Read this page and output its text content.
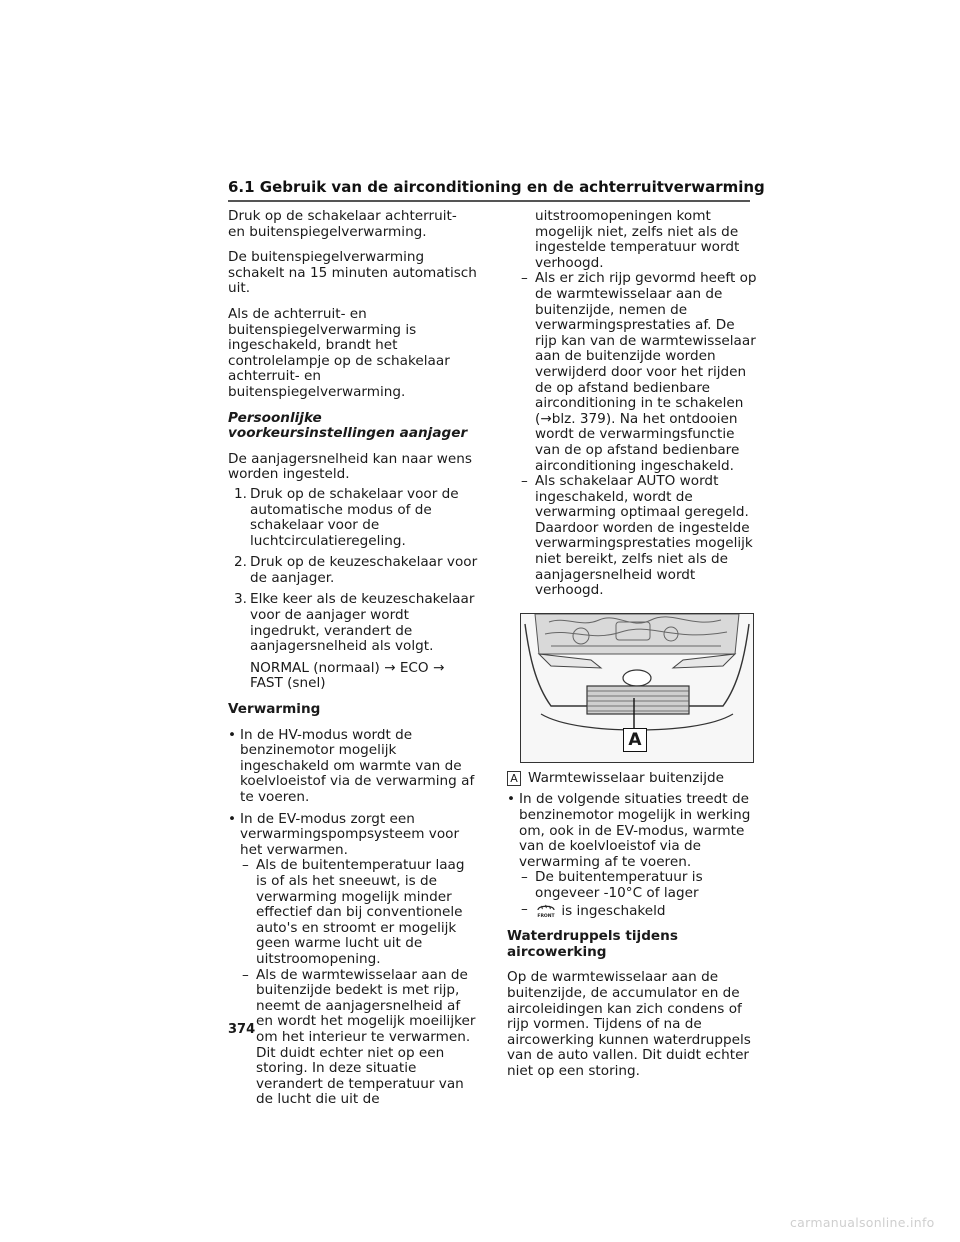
6.1 Gebruik van de airconditioning en de achterruitverwarming

Druk op de schakelaar achterruit- en buitenspiegelverwarming.

De buitenspiegelverwarming schakelt na 15 minuten automatisch uit.

Als de achterruit- en buitenspiegelverwarming is ingeschakeld, brandt het controlelampje op de schakelaar achterruit- en buitenspiegelverwarming.

Persoonlijke voorkeursinstellingen aanjager

De aanjagersnelheid kan naar wens worden ingesteld.

1. Druk op de schakelaar voor de automatische modus of de schakelaar voor de luchtcirculatieregeling.
2. Druk op de keuzeschakelaar voor de aanjager.
3. Elke keer als de keuzeschakelaar voor de aanjager wordt ingedrukt, verandert de aanjagersnelheid als volgt.
NORMAL (normaal) → ECO → FAST (snel)

Verwarming

• In de HV-modus wordt de benzinemotor mogelijk ingeschakeld om warmte van de koelvloeistof via de verwarming af te voeren.
• In de EV-modus zorgt een verwarmingspompsysteem voor het verwarmen.
– Als de buitentemperatuur laag is of als het sneeuwt, is de verwarming mogelijk minder effectief dan bij conventionele auto's en stroomt er mogelijk geen warme lucht uit de uitstroomopening.
– Als de warmtewisselaar aan de buitenzijde bedekt is met rijp, neemt de aanjagersnelheid af en wordt het mogelijk moeilijker om het interieur te verwarmen. Dit duidt echter niet op een storing. In deze situatie verandert de temperatuur van de lucht die uit de
uitstroomopeningen komt mogelijk niet, zelfs niet als de ingestelde temperatuur wordt verhoogd.
– Als er zich rijp gevormd heeft op de warmtewisselaar aan de buitenzijde, nemen de verwarmingsprestaties af. De rijp kan van de warmtewisselaar aan de buitenzijde worden verwijderd door voor het rijden de op afstand bedienbare airconditioning in te schakelen (→blz. 379). Na het ontdooien wordt de verwarmingsfunctie van de op afstand bedienbare airconditioning ingeschakeld.
– Als schakelaar AUTO wordt ingeschakeld, wordt de verwarming optimaal geregeld. Daardoor worden de ingestelde verwarmingsprestaties mogelijk niet bereikt, zelfs niet als de aanjagersnelheid wordt verhoogd.
A
A Warmtewisselaar buitenzijde
• In de volgende situaties treedt de benzinemotor mogelijk in werking om, ook in de EV-modus, warmte van de koelvloeistof via de verwarming af te voeren.
– De buitentemperatuur is ongeveer -10°C of lager
– FRONT is ingeschakeld

Waterdruppels tijdens aircowerking

Op de warmtewisselaar aan de buitenzijde, de accumulator en de aircoleidingen kan zich condens of rijp vormen. Tijdens of na de aircowerking kunnen waterdruppels van de auto vallen. Dit duidt echter niet op een storing.

374
carmanualsonline.info
